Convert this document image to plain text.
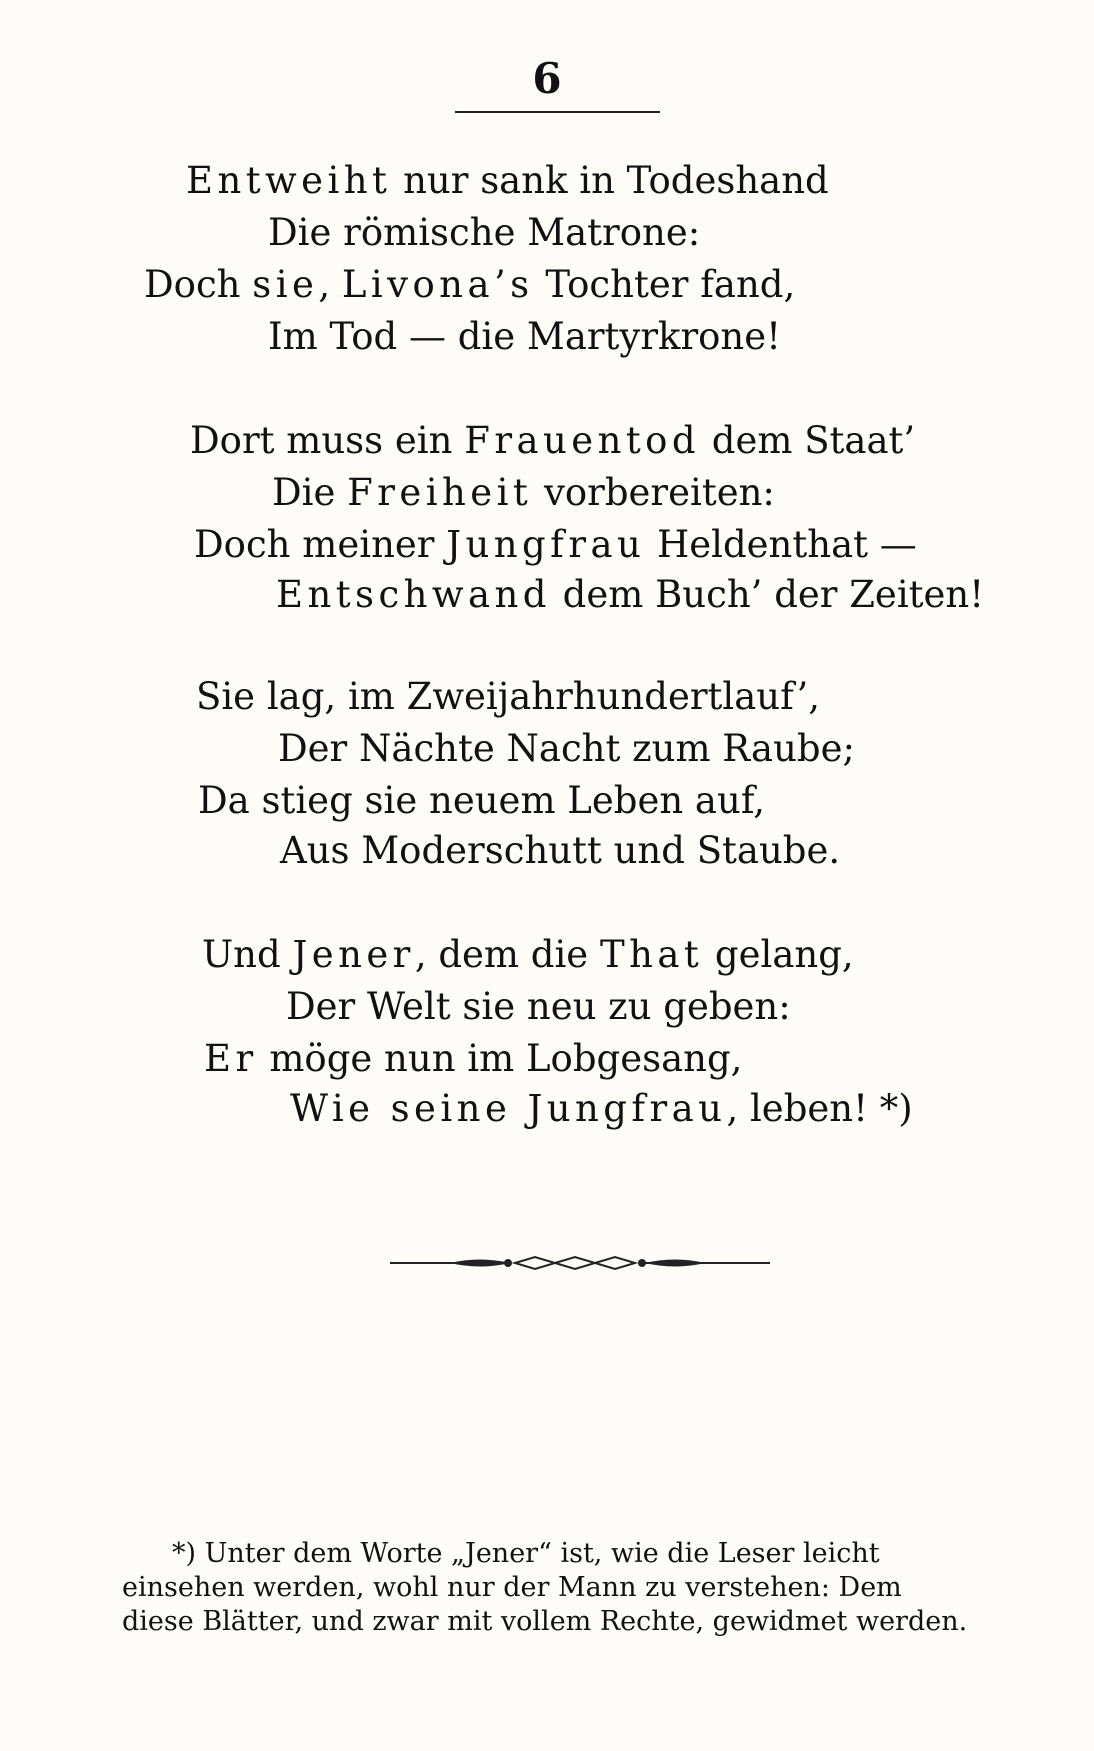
6
Entweiht nur sank in Todeshand
Die römische Matrone:
Doch sie, Livona’s Tochter fand,
Im Tod — die Martyrkrone!
Dort muss ein Frauentod dem Staat’
Die Freiheit vorbereiten:
Doch meiner Jungfrau Heldenthat —
Entschwand dem Buch’ der Zeiten!
Sie lag, im Zweijahrhundertlauf’,
Der Nächte Nacht zum Raube;
Da stieg sie neuem Leben auf,
Aus Moderschutt und Staube.
Und Jener, dem die That gelang,
Der Welt sie neu zu geben:
Er möge nun im Lobgesang,
Wie seine Jungfrau, leben! *)
*) Unter dem Worte „Jener“ ist, wie die Leser leicht
einsehen werden, wohl nur der Mann zu verstehen: Dem
diese Blätter, und zwar mit vollem Rechte, gewidmet werden.
